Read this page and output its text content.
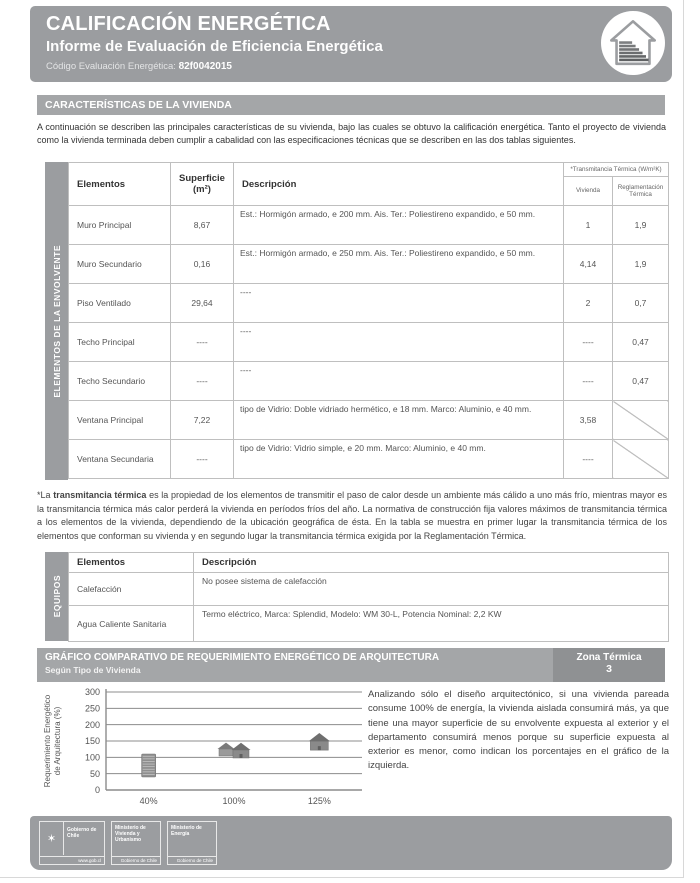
CALIFICACIÓN ENERGÉTICA
Informe de Evaluación de Eficiencia Energética
Código Evaluación Energética: 82f0042015
CARACTERÍSTICAS DE LA VIVIENDA
A continuación se describen las principales características de su vivienda, bajo las cuales se obtuvo la calificación energética. Tanto el proyecto de vivienda como la vivienda terminada deben cumplir a cabalidad con las especificaciones técnicas que se describen en las dos tablas siguientes.
ELEMENTOS DE LA ENVOLVENTE
Elementos	Superficie
(m²)	Descripción	*Transmitancia Térmica (W/m²K)	
			Vivienda	Reglamentación Térmica
Muro Principal	8,67	Est.: Hormigón armado, e 200 mm. Ais. Ter.: Poliestireno expandido, e 50 mm.	1	1,9
Muro Secundario	0,16	Est.: Hormigón armado, e 250 mm. Ais. Ter.: Poliestireno expandido, e 50 mm.	4,14	1,9
Piso Ventilado	29,64	----	2	0,7
Techo Principal	----	----	----	0,47
Techo Secundario	----	----	----	0,47
Ventana Principal	7,22	tipo de Vidrio: Doble vidriado hermético, e 18 mm. Marco: Aluminio, e 40 mm.	3,58	
Ventana Secundaria	----	tipo de Vidrio: Vidrio simple, e 20 mm. Marco: Aluminio, e 40 mm.	----	
*La transmitancia térmica es la propiedad de los elementos de transmitir el paso de calor desde un ambiente más cálido a uno más frío, mientras mayor es la transmitancia térmica más calor perderá la vivienda en períodos fríos del año. La normativa de construcción fija valores máximos de transmitancia térmica a los elementos de la vivienda, dependiendo de la ubicación geográfica de ésta. En la tabla se muestra en primer lugar la transmitancia térmica de los elementos que conforman su vivienda y en segundo lugar la transmitancia térmica exigida por la Reglamentación Térmica.
EQUIPOS
Elementos	Descripción
Calefacción	No posee sistema de calefacción
Agua Caliente Sanitaria	Termo eléctrico, Marca: Splendid, Modelo: WM 30-L, Potencia Nominal: 2,2 KW
GRÁFICO COMPARATIVO DE REQUERIMIENTO ENERGÉTICO DE ARQUITECTURA
Según Tipo de Vivienda
Zona Térmica
3
0
50
100
150
200
250
300
Requerimiento Energéticode Arquitectura (%)
40%	100%	125%
Analizando sólo el diseño arquitectónico, si una vivienda pareada consume 100% de energía, la vivienda aislada consumirá más, ya que tiene una mayor superficie de su envolvente expuesta al exterior y el departamento consumirá menos porque su superficie expuesta al exterior es menor, como indican los porcentajes en el gráfico de la izquierda.
✶
Gobierno de Chile
www.gob.cl
Ministerio de Vivienda y Urbanismo
Gobierno de Chile
Ministerio de Energía
Gobierno de Chile
